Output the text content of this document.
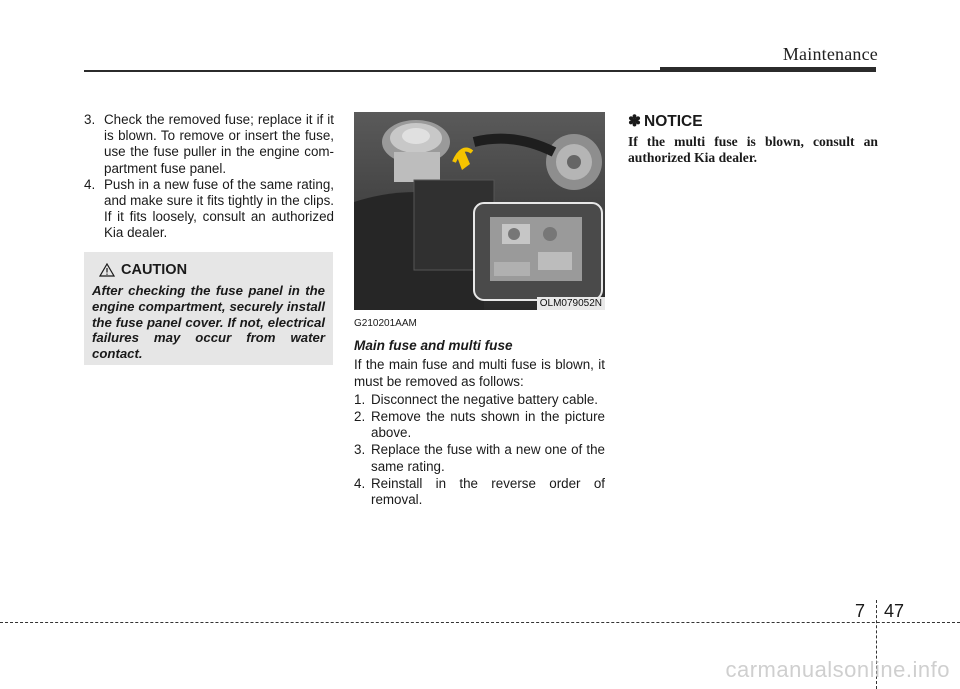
Maintenance
3. Check the removed fuse; replace it if it is blown. To remove or insert the fuse, use the fuse puller in the engine com-partment fuse panel.
4. Push in a new fuse of the same rating, and make sure it fits tightly in the clips. If it fits loosely, consult an authorized Kia dealer.
CAUTION
After checking the fuse panel in the engine compartment, securely install the fuse panel cover. If not, electrical failures may occur from water contact.
OLM079052N
G210201AAM
Main fuse and multi fuse
If the main fuse and multi fuse is blown, it must be removed as follows:
1. Disconnect the negative battery cable.
2. Remove the nuts shown in the picture above.
3. Replace the fuse with a new one of the same rating.
4. Reinstall in the reverse order of removal.
✽ NOTICE
If the multi fuse is blown, consult an authorized Kia dealer.
7 47
carmanualsonline.info
